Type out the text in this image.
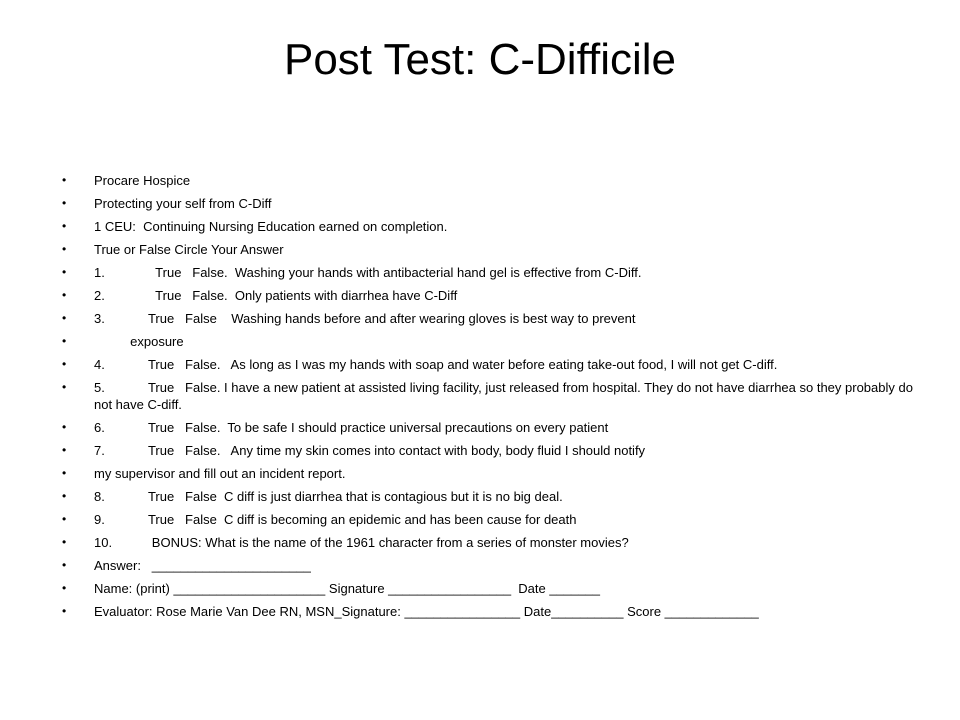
Post Test: C-Difficile
• Procare Hospice
• Protecting your self from C-Diff
• 1 CEU:  Continuing Nursing Education earned on completion.
• True or False Circle Your Answer
• 1.              True   False.  Washing your hands with antibacterial hand gel is effective from C-Diff.
• 2.              True   False.  Only patients with diarrhea have C-Diff
• 3.            True   False    Washing hands before and after wearing gloves is best way to prevent
•           exposure
• 4.            True   False.   As long as I was my hands with soap and water before eating take-out food, I will not get C-diff.
• 5.            True   False. I have a new patient at assisted living facility, just released from hospital. They do not have diarrhea so they probably do not have C-diff.
• 6.            True   False.  To be safe I should practice universal precautions on every patient
• 7.            True   False.   Any time my skin comes into contact with body, body fluid I should notify
• my supervisor and fill out an incident report.
• 8.            True   False  C diff is just diarrhea that is contagious but it is no big deal.
• 9.            True   False  C diff is becoming an epidemic and has been cause for death
• 10.           BONUS: What is the name of the 1961 character from a series of monster movies?
• Answer:   ______________________
• Name: (print) _____________________ Signature _________________  Date _______
• Evaluator: Rose Marie Van Dee RN, MSN_Signature: ________________ Date__________ Score _____________
